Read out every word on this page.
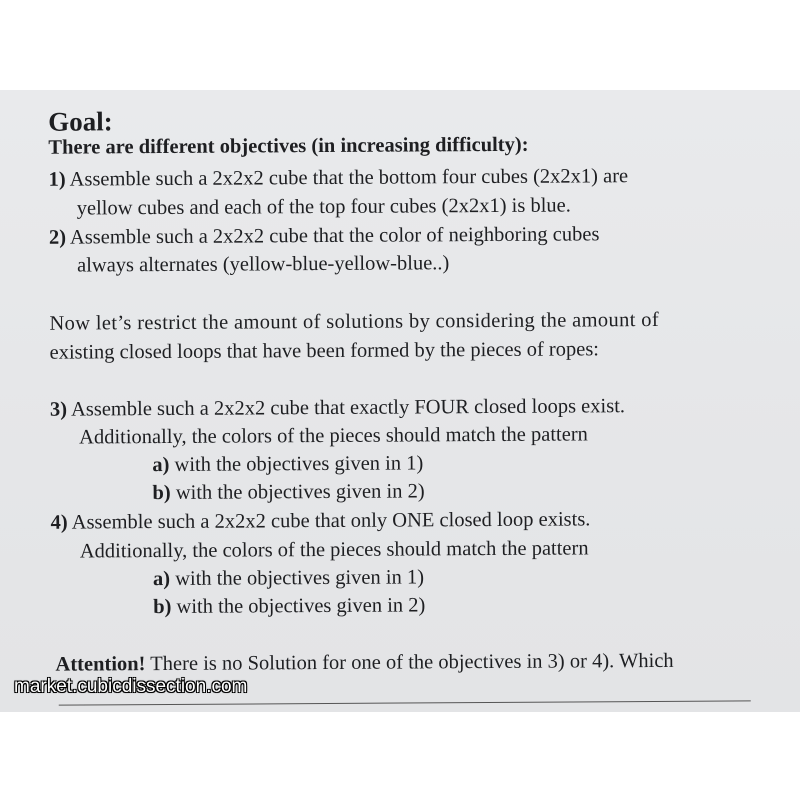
Goal:
There are different objectives (in increasing difficulty):
1) Assemble such a 2x2x2 cube that the bottom four cubes (2x2x1) are
yellow cubes and each of the top four cubes (2x2x1) is blue.
2) Assemble such a 2x2x2 cube that the color of neighboring cubes
always alternates (yellow-blue-yellow-blue..)
Now let’s restrict the amount of solutions by considering the amount of
existing closed loops that have been formed by the pieces of ropes:
3) Assemble such a 2x2x2 cube that exactly FOUR closed loops exist.
Additionally, the colors of the pieces should match the pattern
a) with the objectives given in 1)
b) with the objectives given in 2)
4) Assemble such a 2x2x2 cube that only ONE closed loop exists.
Additionally, the colors of the pieces should match the pattern
a) with the objectives given in 1)
b) with the objectives given in 2)
Attention! There is no Solution for one of the objectives in 3) or 4). Which
market.cubicdissection.com
